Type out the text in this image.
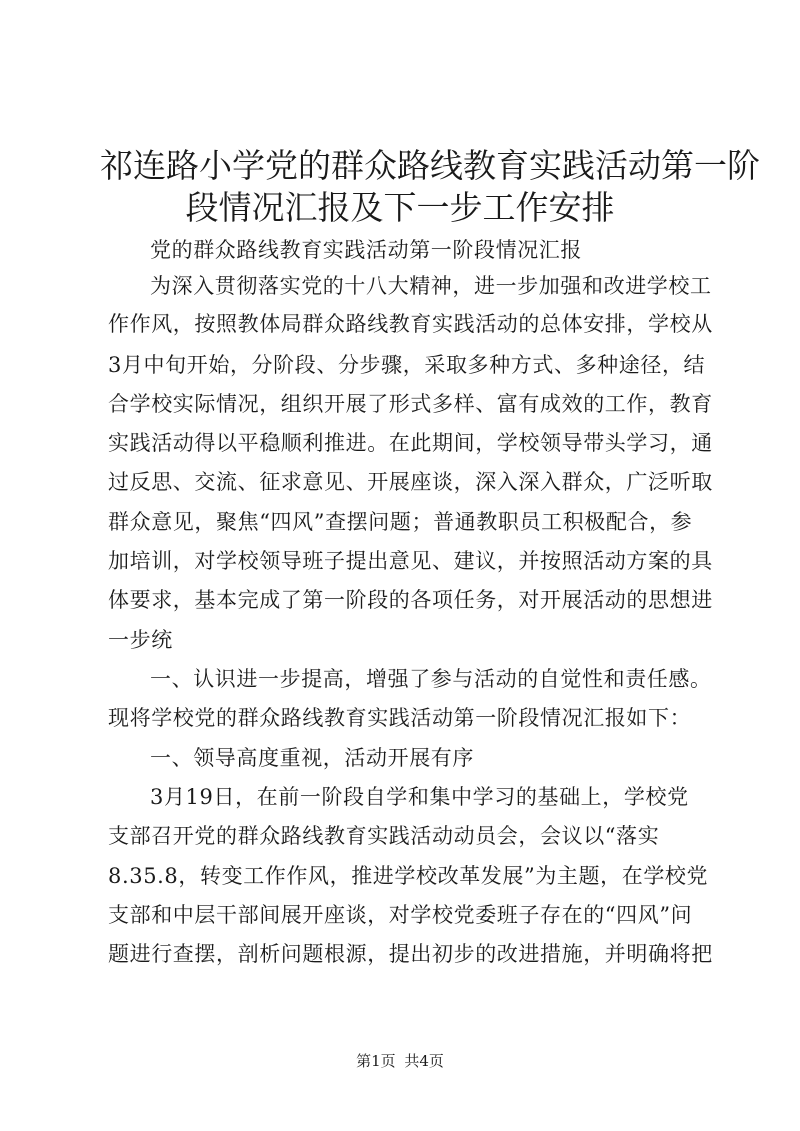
祁连路小学党的群众路线教育实践活动第一阶
段情况汇报及下一步工作安排

党的群众路线教育实践活动第一阶段情况汇报

为深入贯彻落实党的十八大精神，进一步加强和改进学校工

作作风，按照教体局群众路线教育实践活动的总体安排，学校从

3月中旬开始，分阶段、分步骤，采取多种方式、多种途径，结

合学校实际情况，组织开展了形式多样、富有成效的工作，教育

实践活动得以平稳顺利推进。在此期间，学校领导带头学习，通

过反思、交流、征求意见、开展座谈，深入深入群众，广泛听取

群众意见，聚焦“四风”查摆问题；普通教职员工积极配合，参

加培训，对学校领导班子提出意见、建议，并按照活动方案的具

体要求，基本完成了第一阶段的各项任务，对开展活动的思想进

一步统

一、认识进一步提高，增强了参与活动的自觉性和责任感。

现将学校党的群众路线教育实践活动第一阶段情况汇报如下：

一、领导高度重视，活动开展有序

3月19日，在前一阶段自学和集中学习的基础上，学校党

支部召开党的群众路线教育实践活动动员会，会议以“落实

8.35.8，转变工作作风，推进学校改革发展”为主题，在学校党

支部和中层干部间展开座谈，对学校党委班子存在的“四风”问

题进行查摆，剖析问题根源，提出初步的改进措施，并明确将把

第1页 共4页
